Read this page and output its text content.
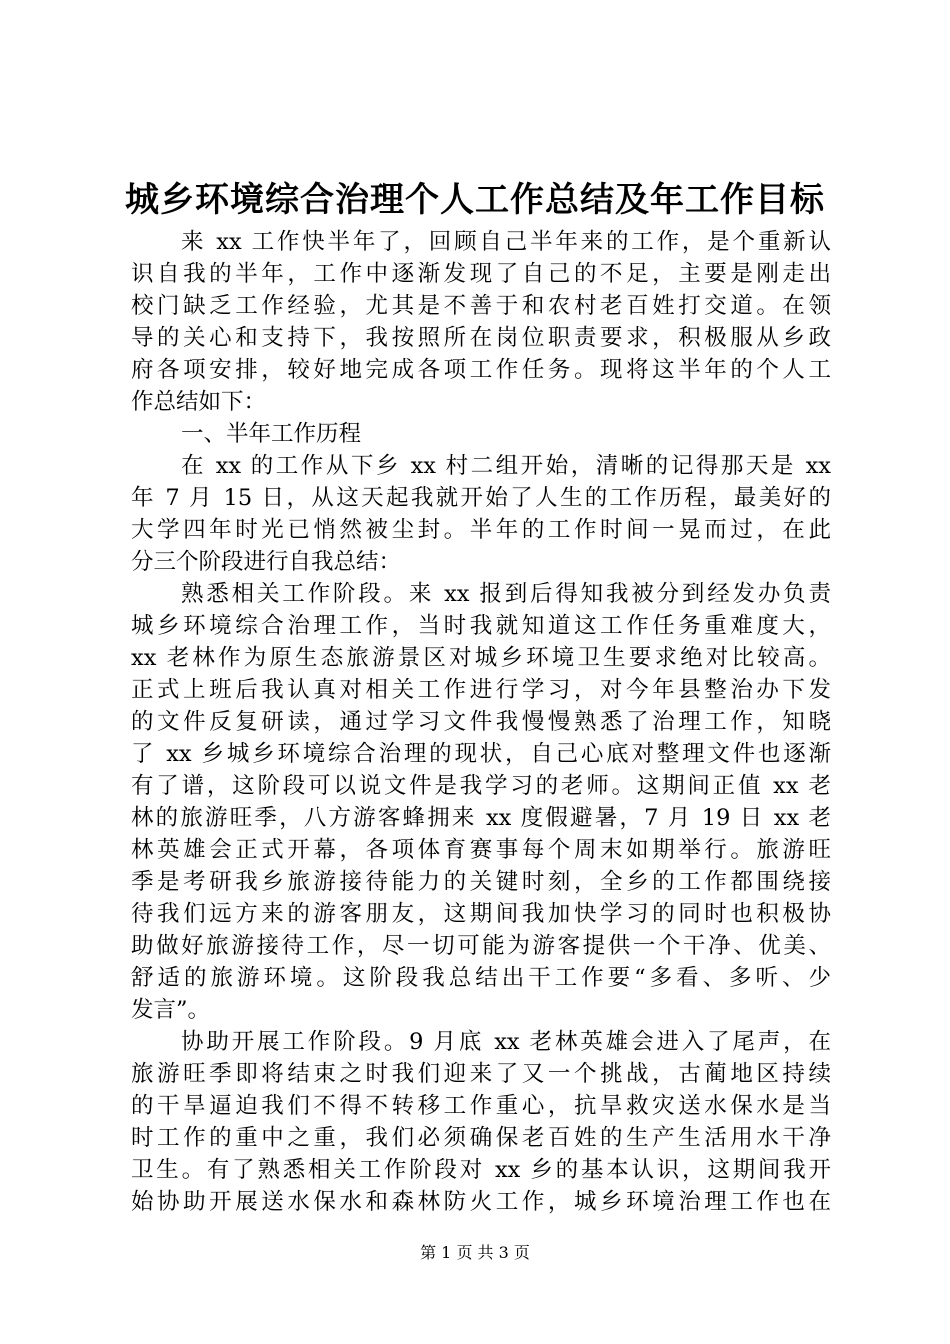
城乡环境综合治理个人工作总结及年工作目标
来 xx 工作快半年了，回顾自己半年来的工作，是个重新认
识自我的半年，工作中逐渐发现了自己的不足，主要是刚走出
校门缺乏工作经验，尤其是不善于和农村老百姓打交道。在领
导的关心和支持下，我按照所在岗位职责要求，积极服从乡政
府各项安排，较好地完成各项工作任务。现将这半年的个人工
作总结如下：
一、半年工作历程
在 xx 的工作从下乡 xx 村二组开始，清晰的记得那天是 xx
年 7 月 15 日，从这天起我就开始了人生的工作历程，最美好的
大学四年时光已悄然被尘封。半年的工作时间一晃而过，在此
分三个阶段进行自我总结：
熟悉相关工作阶段。来 xx 报到后得知我被分到经发办负责
城乡环境综合治理工作，当时我就知道这工作任务重难度大，
xx 老林作为原生态旅游景区对城乡环境卫生要求绝对比较高。
正式上班后我认真对相关工作进行学习，对今年县整治办下发
的文件反复研读，通过学习文件我慢慢熟悉了治理工作，知晓
了 xx 乡城乡环境综合治理的现状，自己心底对整理文件也逐渐
有了谱，这阶段可以说文件是我学习的老师。这期间正值 xx 老
林的旅游旺季，八方游客蜂拥来 xx 度假避暑，7 月 19 日 xx 老
林英雄会正式开幕，各项体育赛事每个周末如期举行。旅游旺
季是考研我乡旅游接待能力的关键时刻，全乡的工作都围绕接
待我们远方来的游客朋友，这期间我加快学习的同时也积极协
助做好旅游接待工作，尽一切可能为游客提供一个干净、优美、
舒适的旅游环境。这阶段我总结出干工作要“多看、多听、少
发言”。
协助开展工作阶段。9 月底 xx 老林英雄会进入了尾声，在
旅游旺季即将结束之时我们迎来了又一个挑战，古蔺地区持续
的干旱逼迫我们不得不转移工作重心，抗旱救灾送水保水是当
时工作的重中之重，我们必须确保老百姓的生产生活用水干净
卫生。有了熟悉相关工作阶段对 xx 乡的基本认识，这期间我开
始协助开展送水保水和森林防火工作，城乡环境治理工作也在
第 1 页 共 3 页
